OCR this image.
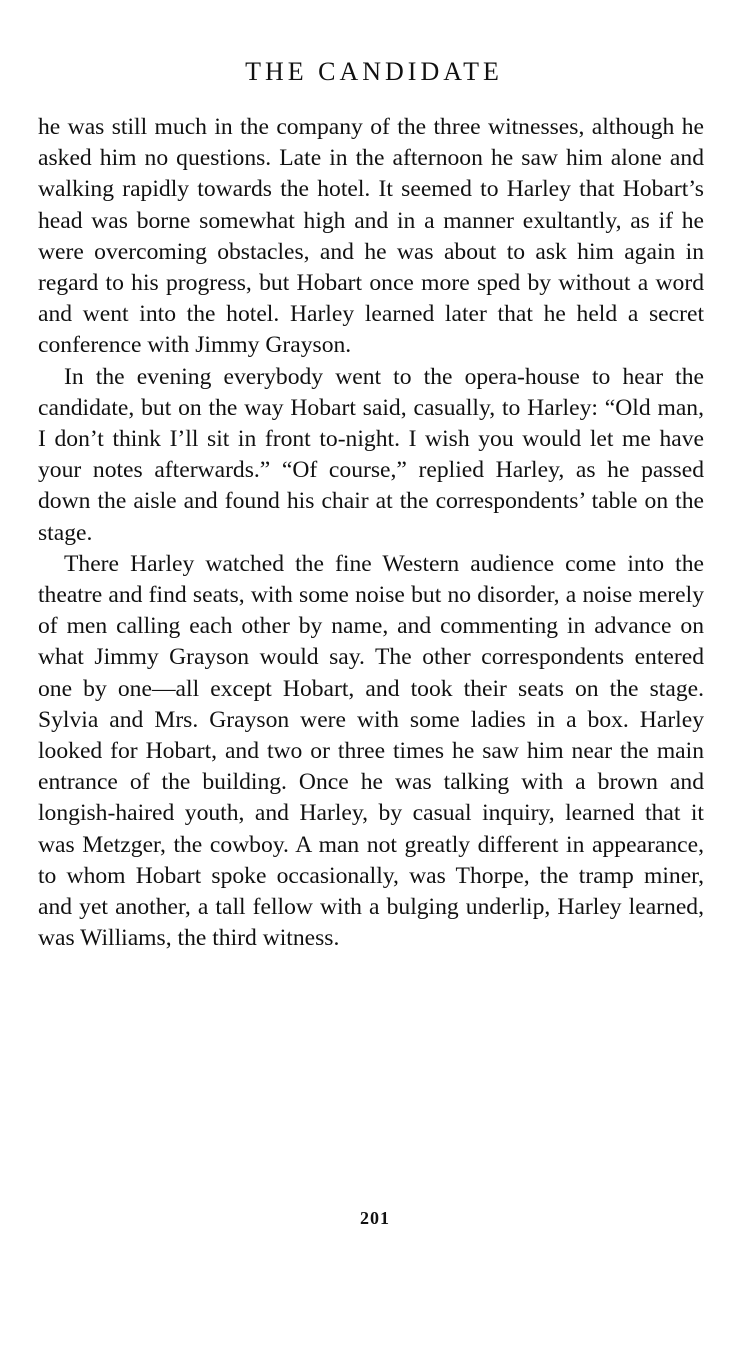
THE CANDIDATE

he was still much in the company of the three witnesses, although he asked him no questions. Late in the afternoon he saw him alone and walking rapidly towards the hotel. It seemed to Harley that Hobart’s head was borne somewhat high and in a manner exultantly, as if he were overcoming obstacles, and he was about to ask him again in regard to his progress, but Hobart once more sped by without a word and went into the hotel. Harley learned later that he held a secret conference with Jimmy Grayson.

In the evening everybody went to the opera-house to hear the candidate, but on the way Hobart said, casually, to Harley: “Old man, I don’t think I’ll sit in front to-night. I wish you would let me have your notes afterwards.” “Of course,” replied Harley, as he passed down the aisle and found his chair at the correspondents’ table on the stage.

There Harley watched the fine Western audience come into the theatre and find seats, with some noise but no disorder, a noise merely of men calling each other by name, and commenting in advance on what Jimmy Grayson would say. The other correspondents entered one by one—all except Hobart, and took their seats on the stage. Sylvia and Mrs. Grayson were with some ladies in a box. Harley looked for Hobart, and two or three times he saw him near the main entrance of the building. Once he was talking with a brown and longish-haired youth, and Harley, by casual inquiry, learned that it was Metzger, the cowboy. A man not greatly different in appearance, to whom Hobart spoke occasionally, was Thorpe, the tramp miner, and yet another, a tall fellow with a bulging underlip, Harley learned, was Williams, the third witness.

201
